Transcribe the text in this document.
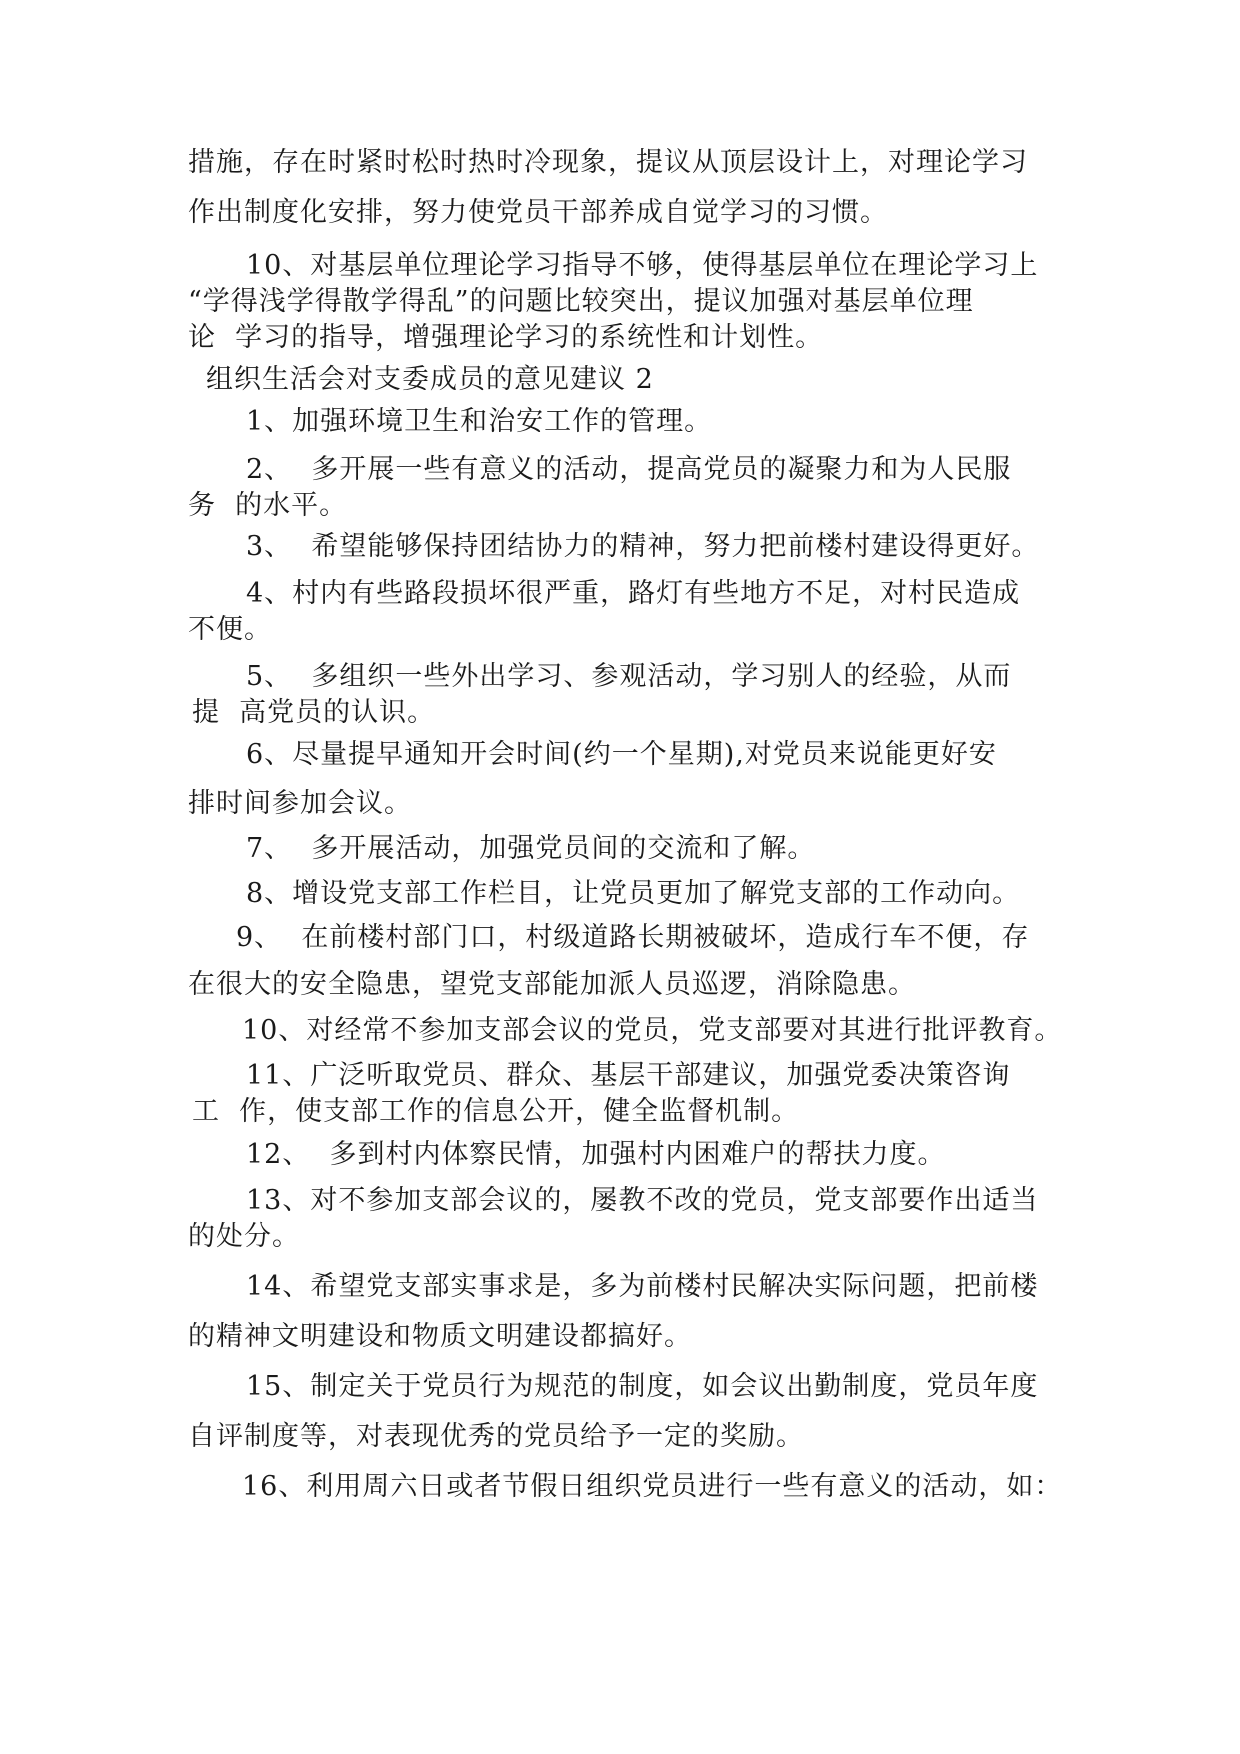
措施，存在时紧时松时热时冷现象，提议从顶层设计上，对理论学习
作出制度化安排，努力使党员干部养成自觉学习的习惯。
10、对基层单位理论学习指导不够，使得基层单位在理论学习上
“学得浅学得散学得乱”的问题比较突出，提议加强对基层单位理
论  学习的指导，增强理论学习的系统性和计划性。
组织生活会对支委成员的意见建议 2
1、加强环境卫生和治安工作的管理。
2、  多开展一些有意义的活动，提高党员的凝聚力和为人民服
务  的水平。
3、  希望能够保持团结协力的精神，努力把前楼村建设得更好。
4、村内有些路段损坏很严重，路灯有些地方不足，对村民造成
不便。
5、  多组织一些外出学习、参观活动，学习别人的经验，从而
提  高党员的认识。
6、尽量提早通知开会时间(约一个星期),对党员来说能更好安
排时间参加会议。
7、  多开展活动，加强党员间的交流和了解。
8、增设党支部工作栏目，让党员更加了解党支部的工作动向。
9、  在前楼村部门口，村级道路长期被破坏，造成行车不便，存
在很大的安全隐患，望党支部能加派人员巡逻，消除隐患。
10、对经常不参加支部会议的党员，党支部要对其进行批评教育。
11、广泛听取党员、群众、基层干部建议，加强党委决策咨询
工  作，使支部工作的信息公开，健全监督机制。
12、  多到村内体察民情，加强村内困难户的帮扶力度。
13、对不参加支部会议的，屡教不改的党员，党支部要作出适当
的处分。
14、希望党支部实事求是，多为前楼村民解决实际问题，把前楼
的精神文明建设和物质文明建设都搞好。
15、制定关于党员行为规范的制度，如会议出勤制度，党员年度
自评制度等，对表现优秀的党员给予一定的奖励。
16、利用周六日或者节假日组织党员进行一些有意义的活动，如：
